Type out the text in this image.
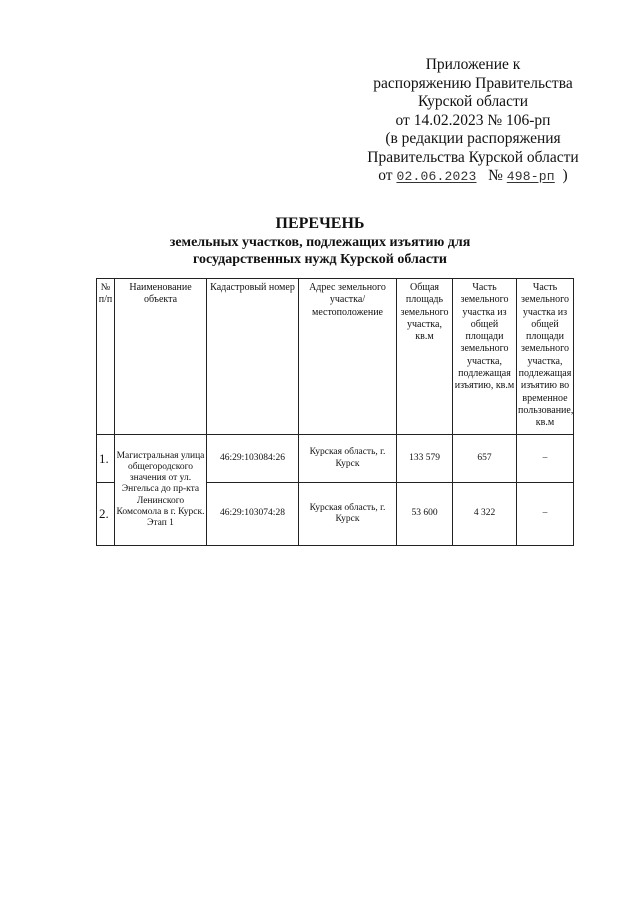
Приложение к
распоряжению Правительства
Курской области
от 14.02.2023 № 106-рп
(в редакции распоряжения
Правительства Курской области
от 02.06.2023 № 498-рп )
ПЕРЕЧЕНЬ
земельных участков, подлежащих изъятию для
государственных нужд Курской области
№ п/п	Наименование объекта	Кадастровый номер	Адрес земельного участка/ местоположение	Общая площадь земельного участка, кв.м	Часть земельного участка из общей площади земельного участка, подлежащая изъятию, кв.м	Часть земельного участка из общей площади земельного участка, подлежащая изъятию во временное пользование, кв.м
1.	Магистральная улица общегородского значения от ул. Энгельса до пр-кта Ленинского Комсомола в г. Курск. Этап 1	46:29:103084:26	Курская область, г. Курск	133 579	657	–
2.		46:29:103074:28	Курская область, г. Курск	53 600	4 322	–
